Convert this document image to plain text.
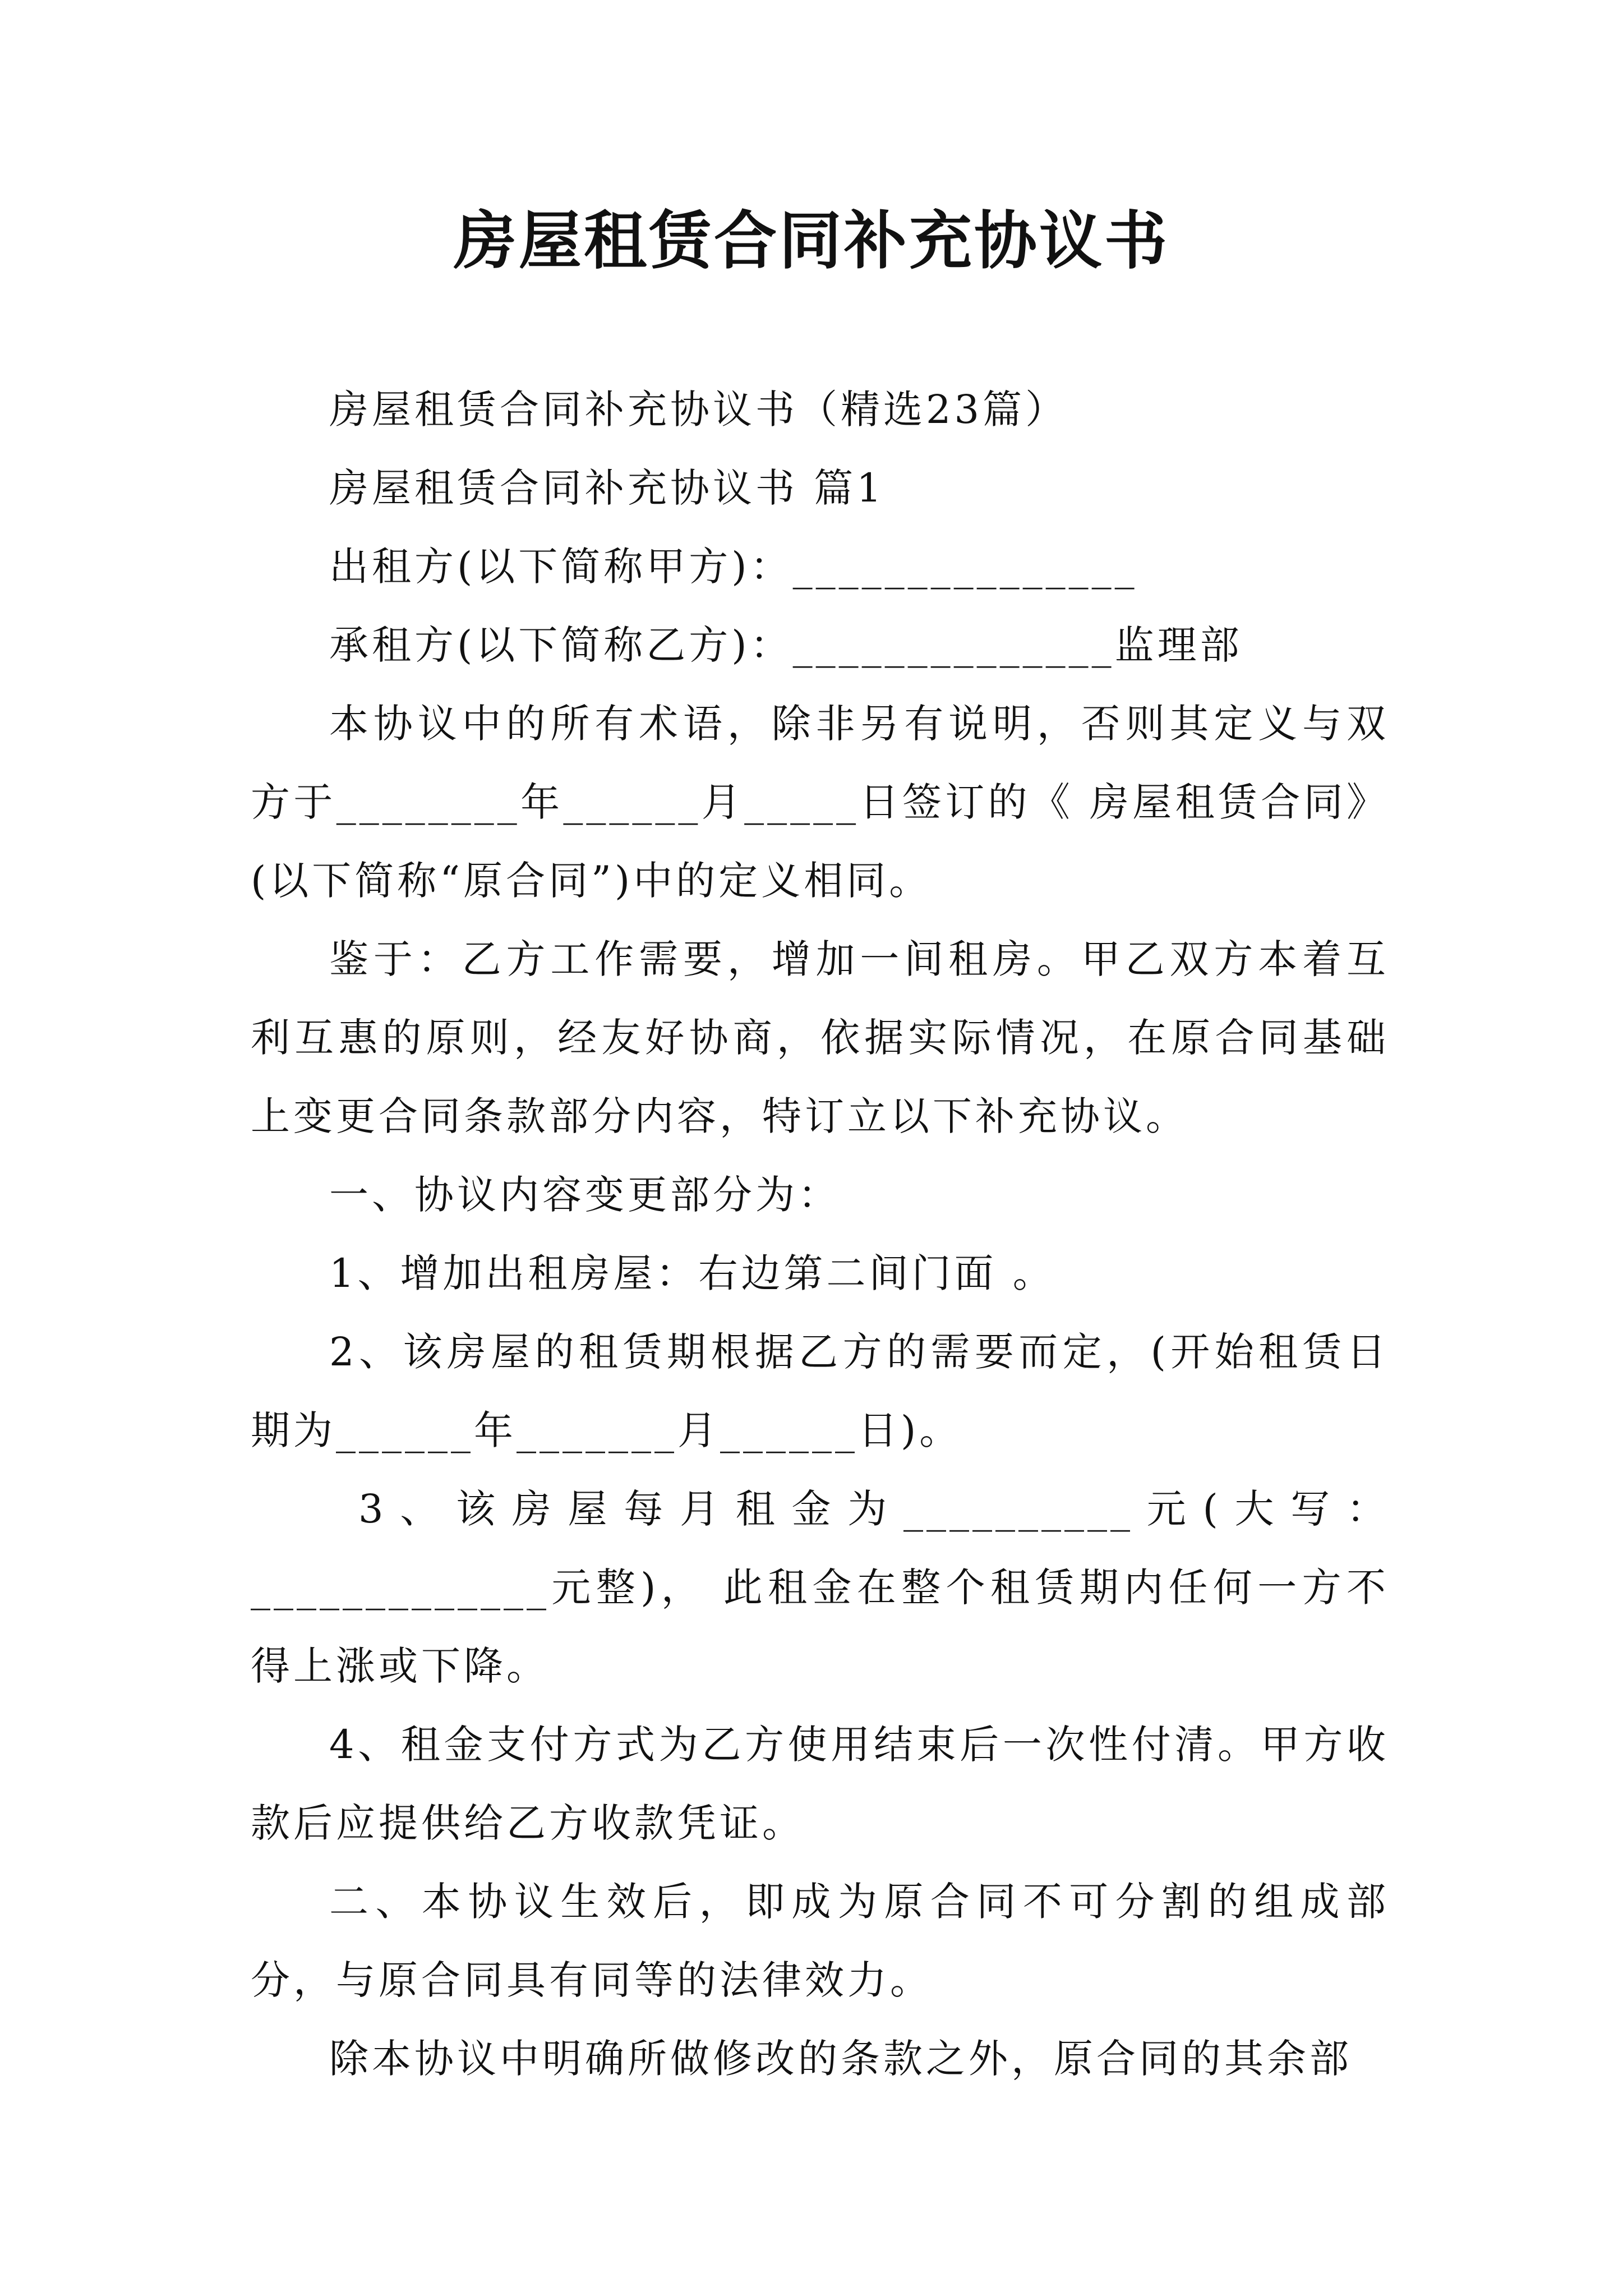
房屋租赁合同补充协议书

房屋租赁合同补充协议书（精选23篇）

房屋租赁合同补充协议书 篇1

出租方(以下简称甲方)：_______________

承租方(以下简称乙方)：______________监理部

本协议中的所有术语，除非另有说明，否则其定义与双方于________年______月_____日签订的《 房屋租赁合同》(以下简称“原合同”)中的定义相同。

鉴于：乙方工作需要，增加一间租房。甲乙双方本着互利互惠的原则，经友好协商，依据实际情况，在原合同基础上变更合同条款部分内容，特订立以下补充协议。

一、协议内容变更部分为：

1、增加出租房屋：右边第二间门面 。

2、该房屋的租赁期根据乙方的需要而定，(开始租赁日期为______年_______月______日)。

3、该房屋每月租金为__________元(大写：_____________元整)， 此租金在整个租赁期内任何一方不得上涨或下降。

4、租金支付方式为乙方使用结束后一次性付清。甲方收款后应提供给乙方收款凭证。

二、本协议生效后，即成为原合同不可分割的组成部分，与原合同具有同等的法律效力。

除本协议中明确所做修改的条款之外，原合同的其余部
